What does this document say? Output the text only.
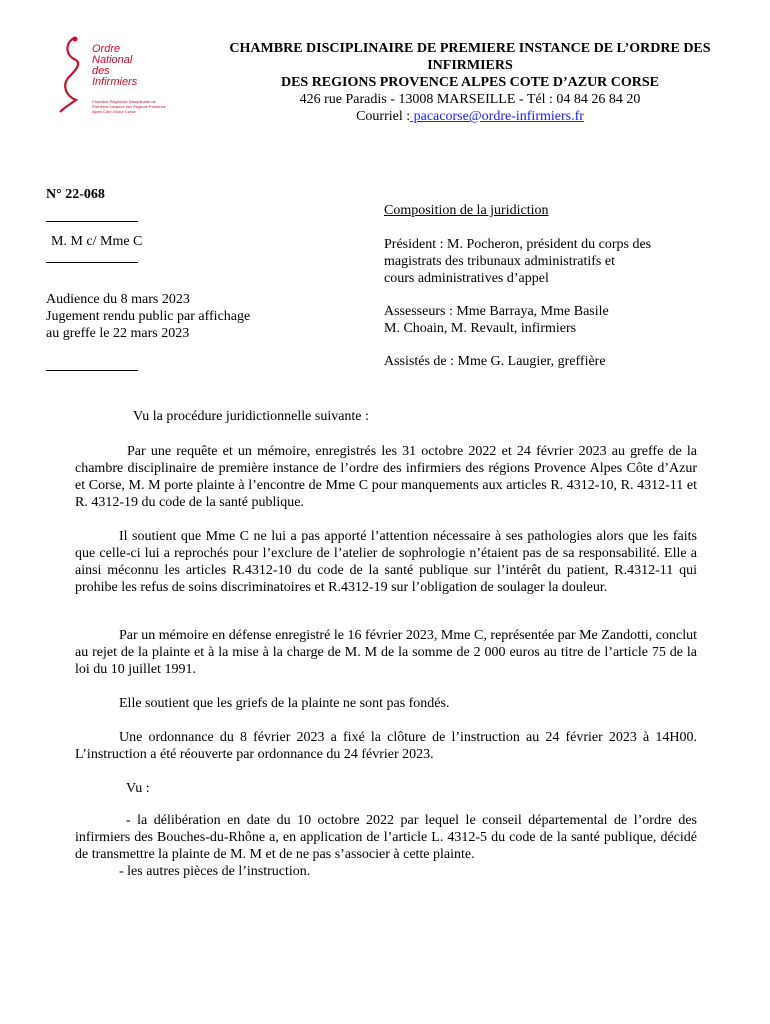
Ordre
National
des
Infirmiers
Chambre Régionale Disciplinaire de Première Instance des Régions Provence Alpes Côte d'Azur Corse
CHAMBRE DISCIPLINAIRE DE PREMIERE INSTANCE DE L’ORDRE DES
INFIRMIERS
DES REGIONS PROVENCE ALPES COTE D’AZUR CORSE
426 rue Paradis - 13008 MARSEILLE - Tél : 04 84 26 84 20
Courriel : pacacorse@ordre-infirmiers.fr
N° 22-068
M. M c/ Mme C
Audience du 8 mars 2023
Jugement rendu public par affichage
au greffe le 22 mars 2023
Composition de la juridiction
Président : M. Pocheron, président du corps des
magistrats des tribunaux administratifs et
cours administratives d’appel
Assesseurs : Mme Barraya, Mme Basile
M. Choain, M. Revault, infirmiers
Assistés de : Mme G. Laugier, greffière

Vu la procédure juridictionnelle suivante :

Par une requête et un mémoire, enregistrés les 31 octobre 2022 et 24 février 2023 au greffe de la chambre disciplinaire de première instance de l’ordre des infirmiers des régions Provence Alpes Côte d’Azur et Corse, M. M porte plainte à l’encontre de Mme C pour manquements aux articles R. 4312-10, R. 4312-11 et R. 4312-19 du code de la santé publique.

Il soutient que Mme C ne lui a pas apporté l’attention nécessaire à ses pathologies alors que les faits que celle-ci lui a reprochés pour l’exclure de l’atelier de sophrologie n’étaient pas de sa responsabilité. Elle a ainsi méconnu les articles R.4312-10 du code de la santé publique sur l’intérêt du patient, R.4312-11 qui prohibe les refus de soins discriminatoires et R.4312-19 sur l’obligation de soulager la douleur.

Par un mémoire en défense enregistré le 16 février 2023, Mme C, représentée par Me Zandotti, conclut au rejet de la plainte et à la mise à la charge de M. M de la somme de 2 000 euros au titre de l’article 75 de la loi du 10 juillet 1991.

Elle soutient que les griefs de la plainte ne sont pas fondés.

Une ordonnance du 8 février 2023 a fixé la clôture de l’instruction au 24 février 2023 à 14H00. L’instruction a été réouverte par ordonnance du 24 février 2023.

Vu :

- la délibération en date du 10 octobre 2022 par lequel le conseil départemental de l’ordre des infirmiers des Bouches-du-Rhône a, en application de l’article L. 4312-5 du code de la santé publique, décidé de transmettre la plainte de M. M et de ne pas s’associer à cette plainte.

- les autres pièces de l’instruction.
